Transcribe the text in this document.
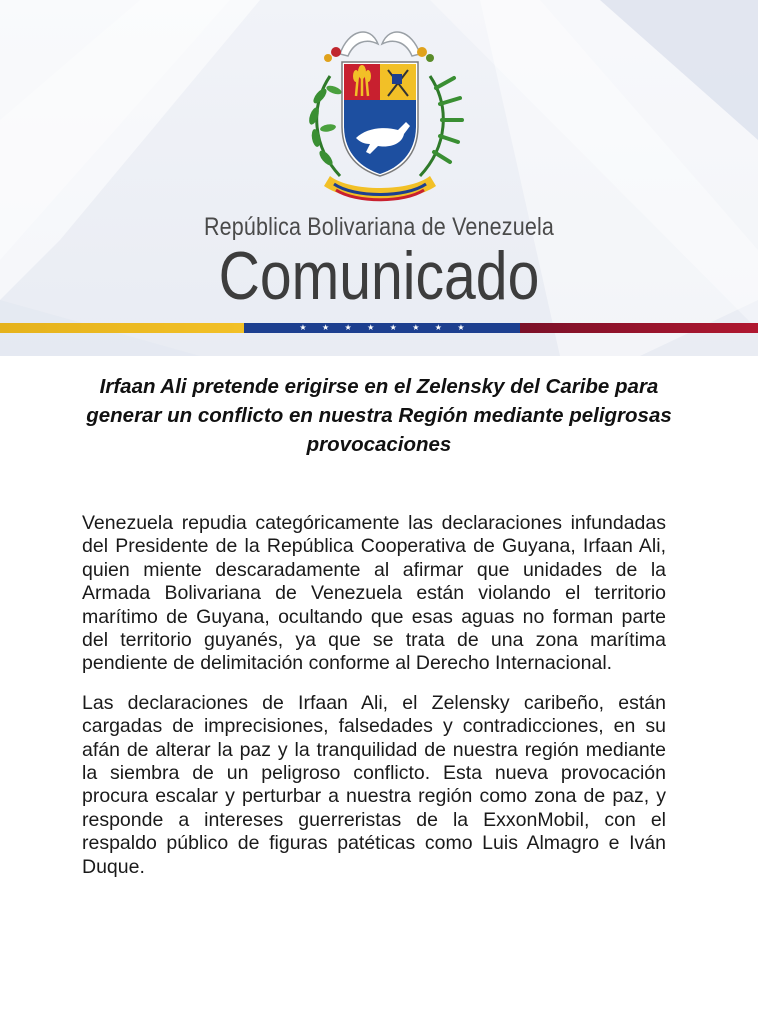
República Bolivariana de Venezuela
Comunicado
★ ★ ★ ★ ★ ★ ★ ★
Irfaan Ali pretende erigirse en el Zelensky del Caribe para generar un conflicto en nuestra Región mediante peligrosas provocaciones

Venezuela repudia categóricamente las declaraciones infundadas del Presidente de la República Cooperativa de Guyana, Irfaan Ali, quien miente descaradamente al afirmar que unidades de la Armada Bolivariana de Venezuela están violando el territorio marítimo de Guyana, ocultando que esas aguas no forman parte del territorio guyanés, ya que se trata de una zona marítima pendiente de delimitación conforme al Derecho Internacional.

Las declaraciones de Irfaan Ali, el Zelensky caribeño, están cargadas de imprecisiones, falsedades y contradicciones, en su afán de alterar la paz y la tranquilidad de nuestra región mediante la siembra de un peligroso conflicto. Esta nueva provocación procura escalar y perturbar a nuestra región como zona de paz, y responde a intereses guerreristas de la ExxonMobil, con el respaldo público de figuras patéticas como Luis Almagro e Iván Duque.
